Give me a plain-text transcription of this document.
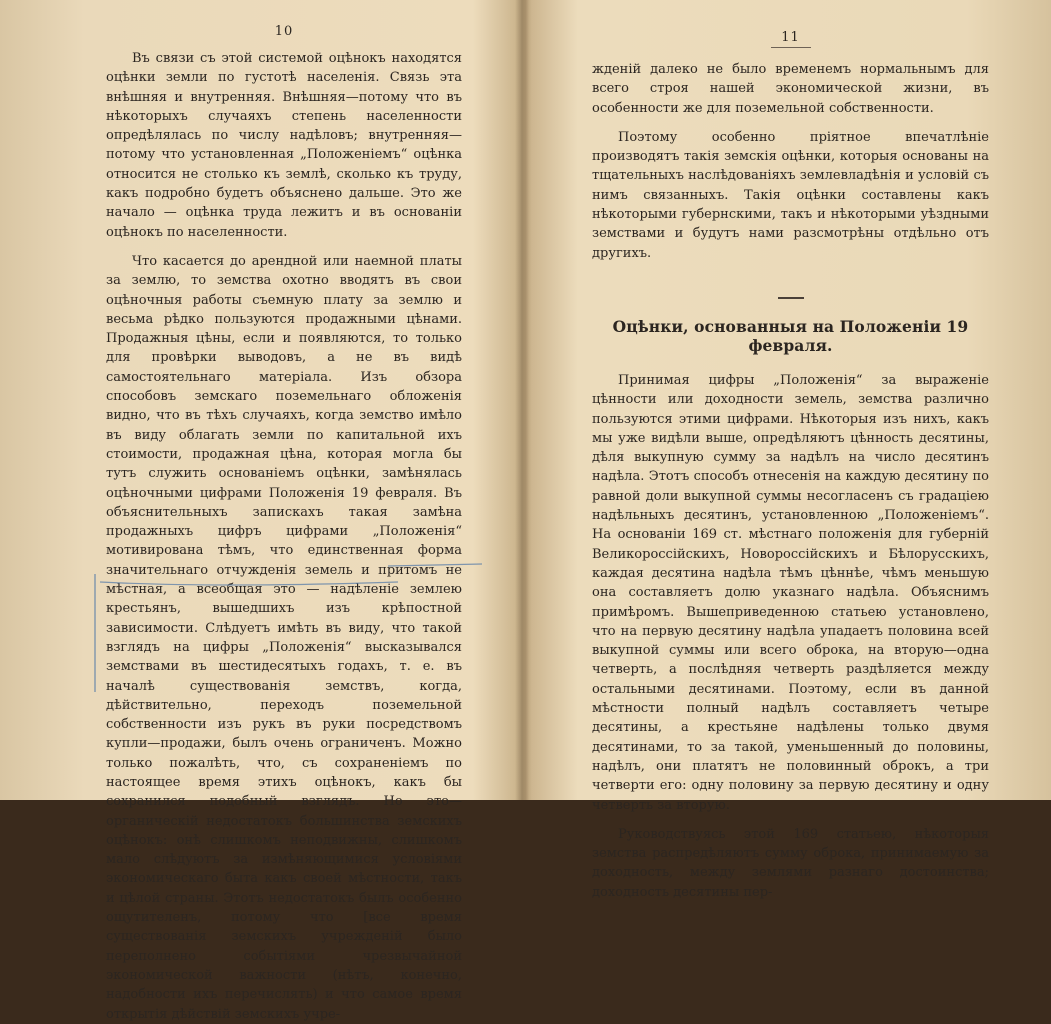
10

Въ связи съ этой системой оцѣнокъ находятся оцѣнки земли по густотѣ населенія. Связь эта внѣшняя и внутренняя. Внѣшняя—потому что въ нѣкоторыхъ случаяхъ степень населенности опредѣлялась по числу надѣловъ; внутренняя—потому что установленная „Положеніемъ“ оцѣнка относится не столько къ землѣ, сколько къ труду, какъ подробно будетъ объяснено дальше. Это же начало — оцѣнка труда лежитъ и въ основаніи оцѣнокъ по населенности.

Что касается до арендной или наемной платы за землю, то земства охотно вводятъ въ свои оцѣночныя работы съемную плату за землю и весьма рѣдко пользуются продажными цѣнами. Продажныя цѣны, если и появляются, то только для провѣрки выводовъ, а не въ видѣ самостоятельнаго матеріала. Изъ обзора способовъ земскаго поземельнаго обложенія видно, что въ тѣхъ случаяхъ, когда земство имѣло въ виду облагать земли по капитальной ихъ стоимости, продажная цѣна, которая могла бы тутъ служить основаніемъ оцѣнки, замѣнялась оцѣночными цифрами Положенія 19 февраля. Въ объяснительныхъ запискахъ такая замѣна продажныхъ цифръ цифрами „Положенія“ мотивирована тѣмъ, что единственная форма значительнаго отчужденія земель и притомъ не мѣстная, а всеобщая это — надѣленіе землею крестьянъ, вышедшихъ изъ крѣпостной зависимости. Слѣдуетъ имѣть въ виду, что такой взглядъ на цифры „Положенія“ высказывался земствами въ шестидесятыхъ годахъ, т. е. въ началѣ существованія земствъ, когда, дѣйствительно, переходъ поземельной собственности изъ рукъ въ руки посредствомъ купли—продажи, былъ очень ограниченъ. Можно только пожалѣть, что, съ сохраненіемъ по настоящее время этихъ оцѣнокъ, какъ бы сохранился подобный взглядъ. Но это—органическій недостатокъ большинства земскихъ оцѣнокъ: онѣ слишкомъ неподвижны, слишкомъ мало слѣдуютъ за измѣняющимися условіями экономическаго быта какъ своей мѣстности, такъ и цѣлой страны. Этотъ недостатокъ былъ особенно ощутителенъ, потому что [все время существованія земскихъ учрежденій было переполнено событіями чрезвычайной экономической важности (нѣтъ, конечно, надобности ихъ перечислять) и что самое время открытія дѣйствій земскихъ учре-

11

жденій далеко не было временемъ нормальнымъ для всего строя нашей экономической жизни, въ особенности же для поземельной собственности.

Поэтому особенно пріятное впечатлѣніе производятъ такія земскія оцѣнки, которыя основаны на тщательныхъ наслѣдованіяхъ землевладѣнія и условій съ нимъ связанныхъ. Такія оцѣнки составлены какъ нѣкоторыми губернскими, такъ и нѣкоторыми уѣздными земствами и будутъ нами разсмотрѣны отдѣльно отъ другихъ.

Оцѣнки, основанныя на Положеніи 19 февраля.

Принимая цифры „Положенія“ за выраженіе цѣнности или доходности земель, земства различно пользуются этими цифрами. Нѣкоторыя изъ нихъ, какъ мы уже видѣли выше, опредѣляютъ цѣнность десятины, дѣля выкупную сумму за надѣлъ на число десятинъ надѣла. Этотъ способъ отнесенія на каждую десятину по равной доли выкупной суммы несогласенъ съ градаціею надѣльныхъ десятинъ, установленною „Положеніемъ“. На основаніи 169 ст. мѣстнаго положенія для губерній Великороссійскихъ, Новороссійскихъ и Бѣлорусскихъ, каждая десятина надѣла тѣмъ цѣннѣе, чѣмъ меньшую она составляетъ долю указнаго надѣла. Объяснимъ примѣромъ. Вышеприведенною статьею установлено, что на первую десятину надѣла упадаетъ половина всей выкупной суммы или всего оброка, на вторую—одна четверть, а послѣдняя четверть раздѣляется между остальными десятинами. Поэтому, если въ данной мѣстности полный надѣлъ составляетъ четыре десятины, а крестьяне надѣлены только двумя десятинами, то за такой, уменьшенный до половины, надѣлъ, они платятъ не половинный оброкъ, а три четверти его: одну половину за первую десятину и одну четверть за вторую.

Руководствуясь этой 169 статьею, нѣкоторыя земства распредѣляютъ сумму оброка, принимаемую за доходность, между землями разнаго достоинства; доходность десятины пер-
